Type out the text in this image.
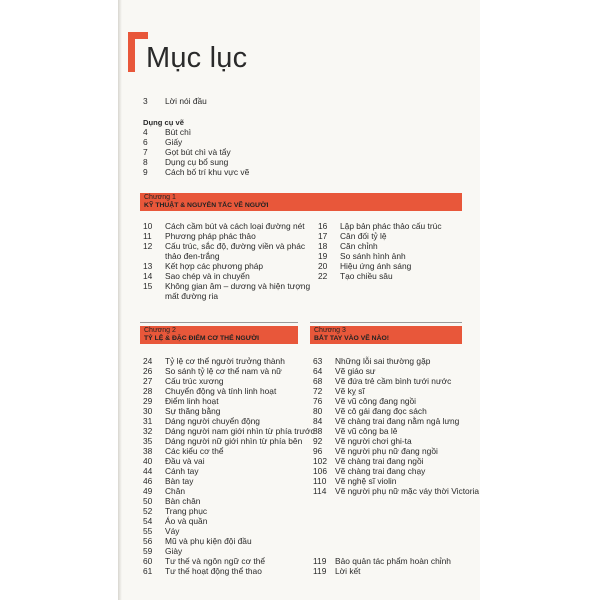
Mục lục
3 Lời nói đầu
Dụng cụ vẽ
4 Bút chì
6 Giấy
7 Gọt bút chì và tẩy
8 Dụng cụ bổ sung
9 Cách bố trí khu vực vẽ
Chương 1
KỸ THUẬT & NGUYÊN TẮC VẼ NGƯỜI
10 Cách cầm bút và cách loại đường nét
11 Phương pháp phác thảo
12 Cấu trúc, sắc độ, đường viền và phác thảo đen-trắng
13 Kết hợp các phương pháp
14 Sao chép và in chuyển
15 Không gian âm – dương và hiện tượng mất đường ria
16 Lập bản phác thảo cấu trúc
17 Cân đối tỷ lệ
18 Căn chỉnh
19 So sánh hình ảnh
20 Hiệu ứng ánh sáng
22 Tạo chiều sâu
Chương 2
TỶ LỆ & ĐẶC ĐIỂM CƠ THỂ NGƯỜI
Chương 3
BẮT TAY VÀO VẼ NÀO!
24 Tỷ lệ cơ thể người trưởng thành
26 So sánh tỷ lệ cơ thể nam và nữ
27 Cấu trúc xương
28 Chuyển động và tính linh hoạt
29 Điểm linh hoạt
30 Sự thăng bằng
31 Dáng người chuyển động
32 Dáng người nam giới nhìn từ phía trước
35 Dáng người nữ giới nhìn từ phía bên
38 Các kiểu cơ thể
40 Đầu và vai
44 Cánh tay
46 Bàn tay
49 Chân
50 Bàn chân
52 Trang phục
54 Áo và quần
55 Váy
56 Mũ và phụ kiện đội đầu
59 Giày
60 Tư thế và ngôn ngữ cơ thể
61 Tư thế hoạt động thể thao
63 Những lỗi sai thường gặp
64 Vẽ giáo sư
68 Vẽ đứa trẻ cầm bình tưới nước
72 Vẽ kỵ sĩ
76 Vẽ vũ công đang ngồi
80 Vẽ cô gái đang đọc sách
84 Vẽ chàng trai đang nằm ngả lưng
88 Vẽ vũ công ba lê
92 Vẽ người chơi ghi-ta
96 Vẽ người phụ nữ đang ngồi
102 Vẽ chàng trai đang ngồi
106 Vẽ chàng trai đang chạy
110 Vẽ nghệ sĩ violin
114 Vẽ người phụ nữ mặc váy thời Victoria
119 Bảo quản tác phẩm hoàn chỉnh
119 Lời kết
